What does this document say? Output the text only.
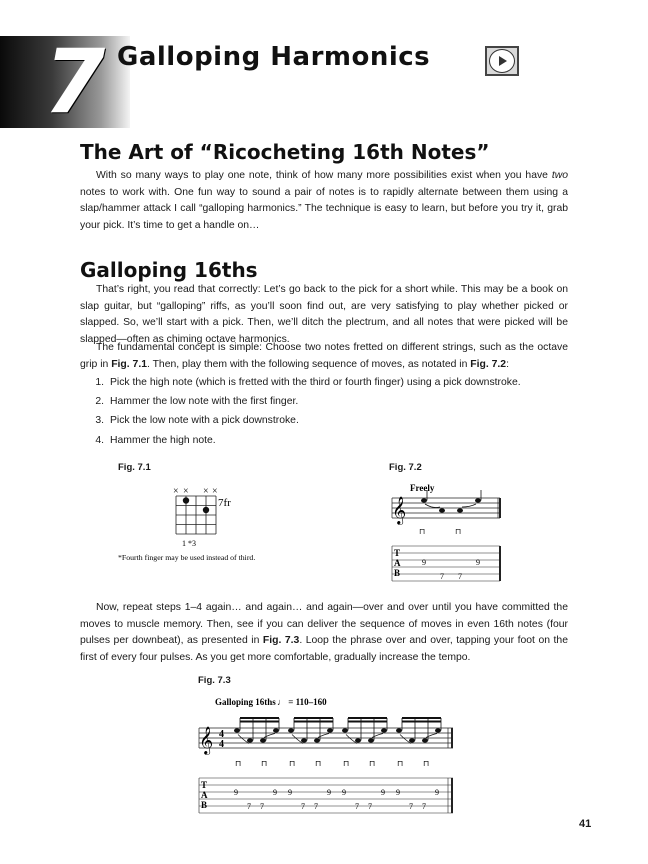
7 Galloping Harmonics
The Art of “Ricocheting 16th Notes”

With so many ways to play one note, think of how many more possibilities exist when you have two notes to work with. One fun way to sound a pair of notes is to rapidly alternate between them using a slap/hammer attack I call “galloping harmonics.” The technique is easy to learn, but before you try it, grab your pick. It’s time to get a handle on…

Galloping 16ths

That’s right, you read that correctly: Let’s go back to the pick for a short while. This may be a book on slap guitar, but “galloping” riffs, as you’ll soon find out, are very satisfying to play whether picked or slapped. So, we’ll start with a pick. Then, we’ll ditch the plectrum, and all notes that were picked will be slapped—often as chiming octave harmonics.

The fundamental concept is simple: Choose two notes fretted on different strings, such as the octave grip in Fig. 7.1. Then, play them with the following sequence of moves, as notated in Fig. 7.2:

1. Pick the high note (which is fretted with the third or fourth finger) using a pick downstroke.
2. Hammer the low note with the first finger.
3. Pick the low note with a pick downstroke.
4. Hammer the high note.
Fig. 7.1
× × × ×
7fr
1 *3
*Fourth finger may be used instead of third.
Fig. 7.2
Freely
𝄞
⊓	⊓
T
A
B
9
7 7
9

Now, repeat steps 1–4 again… and again… and again—over and over until you have committed the moves to muscle memory. Then, see if you can deliver the sequence of moves in even 16th notes (four pulses per downbeat), as presented in Fig. 7.3. Loop the phrase over and over, tapping your foot on the first of every four pulses. As you get more comfortable, gradually increase the tempo.

Fig. 7.3
Galloping 16ths ♩ = 110–160
𝄞 4
4
⊓ ⊓	⊓ ⊓	⊓ ⊓	⊓ ⊓
T
A
B
9
7 7
9 9
7 7
9 9
7 7
9 9
7 7
9
41
